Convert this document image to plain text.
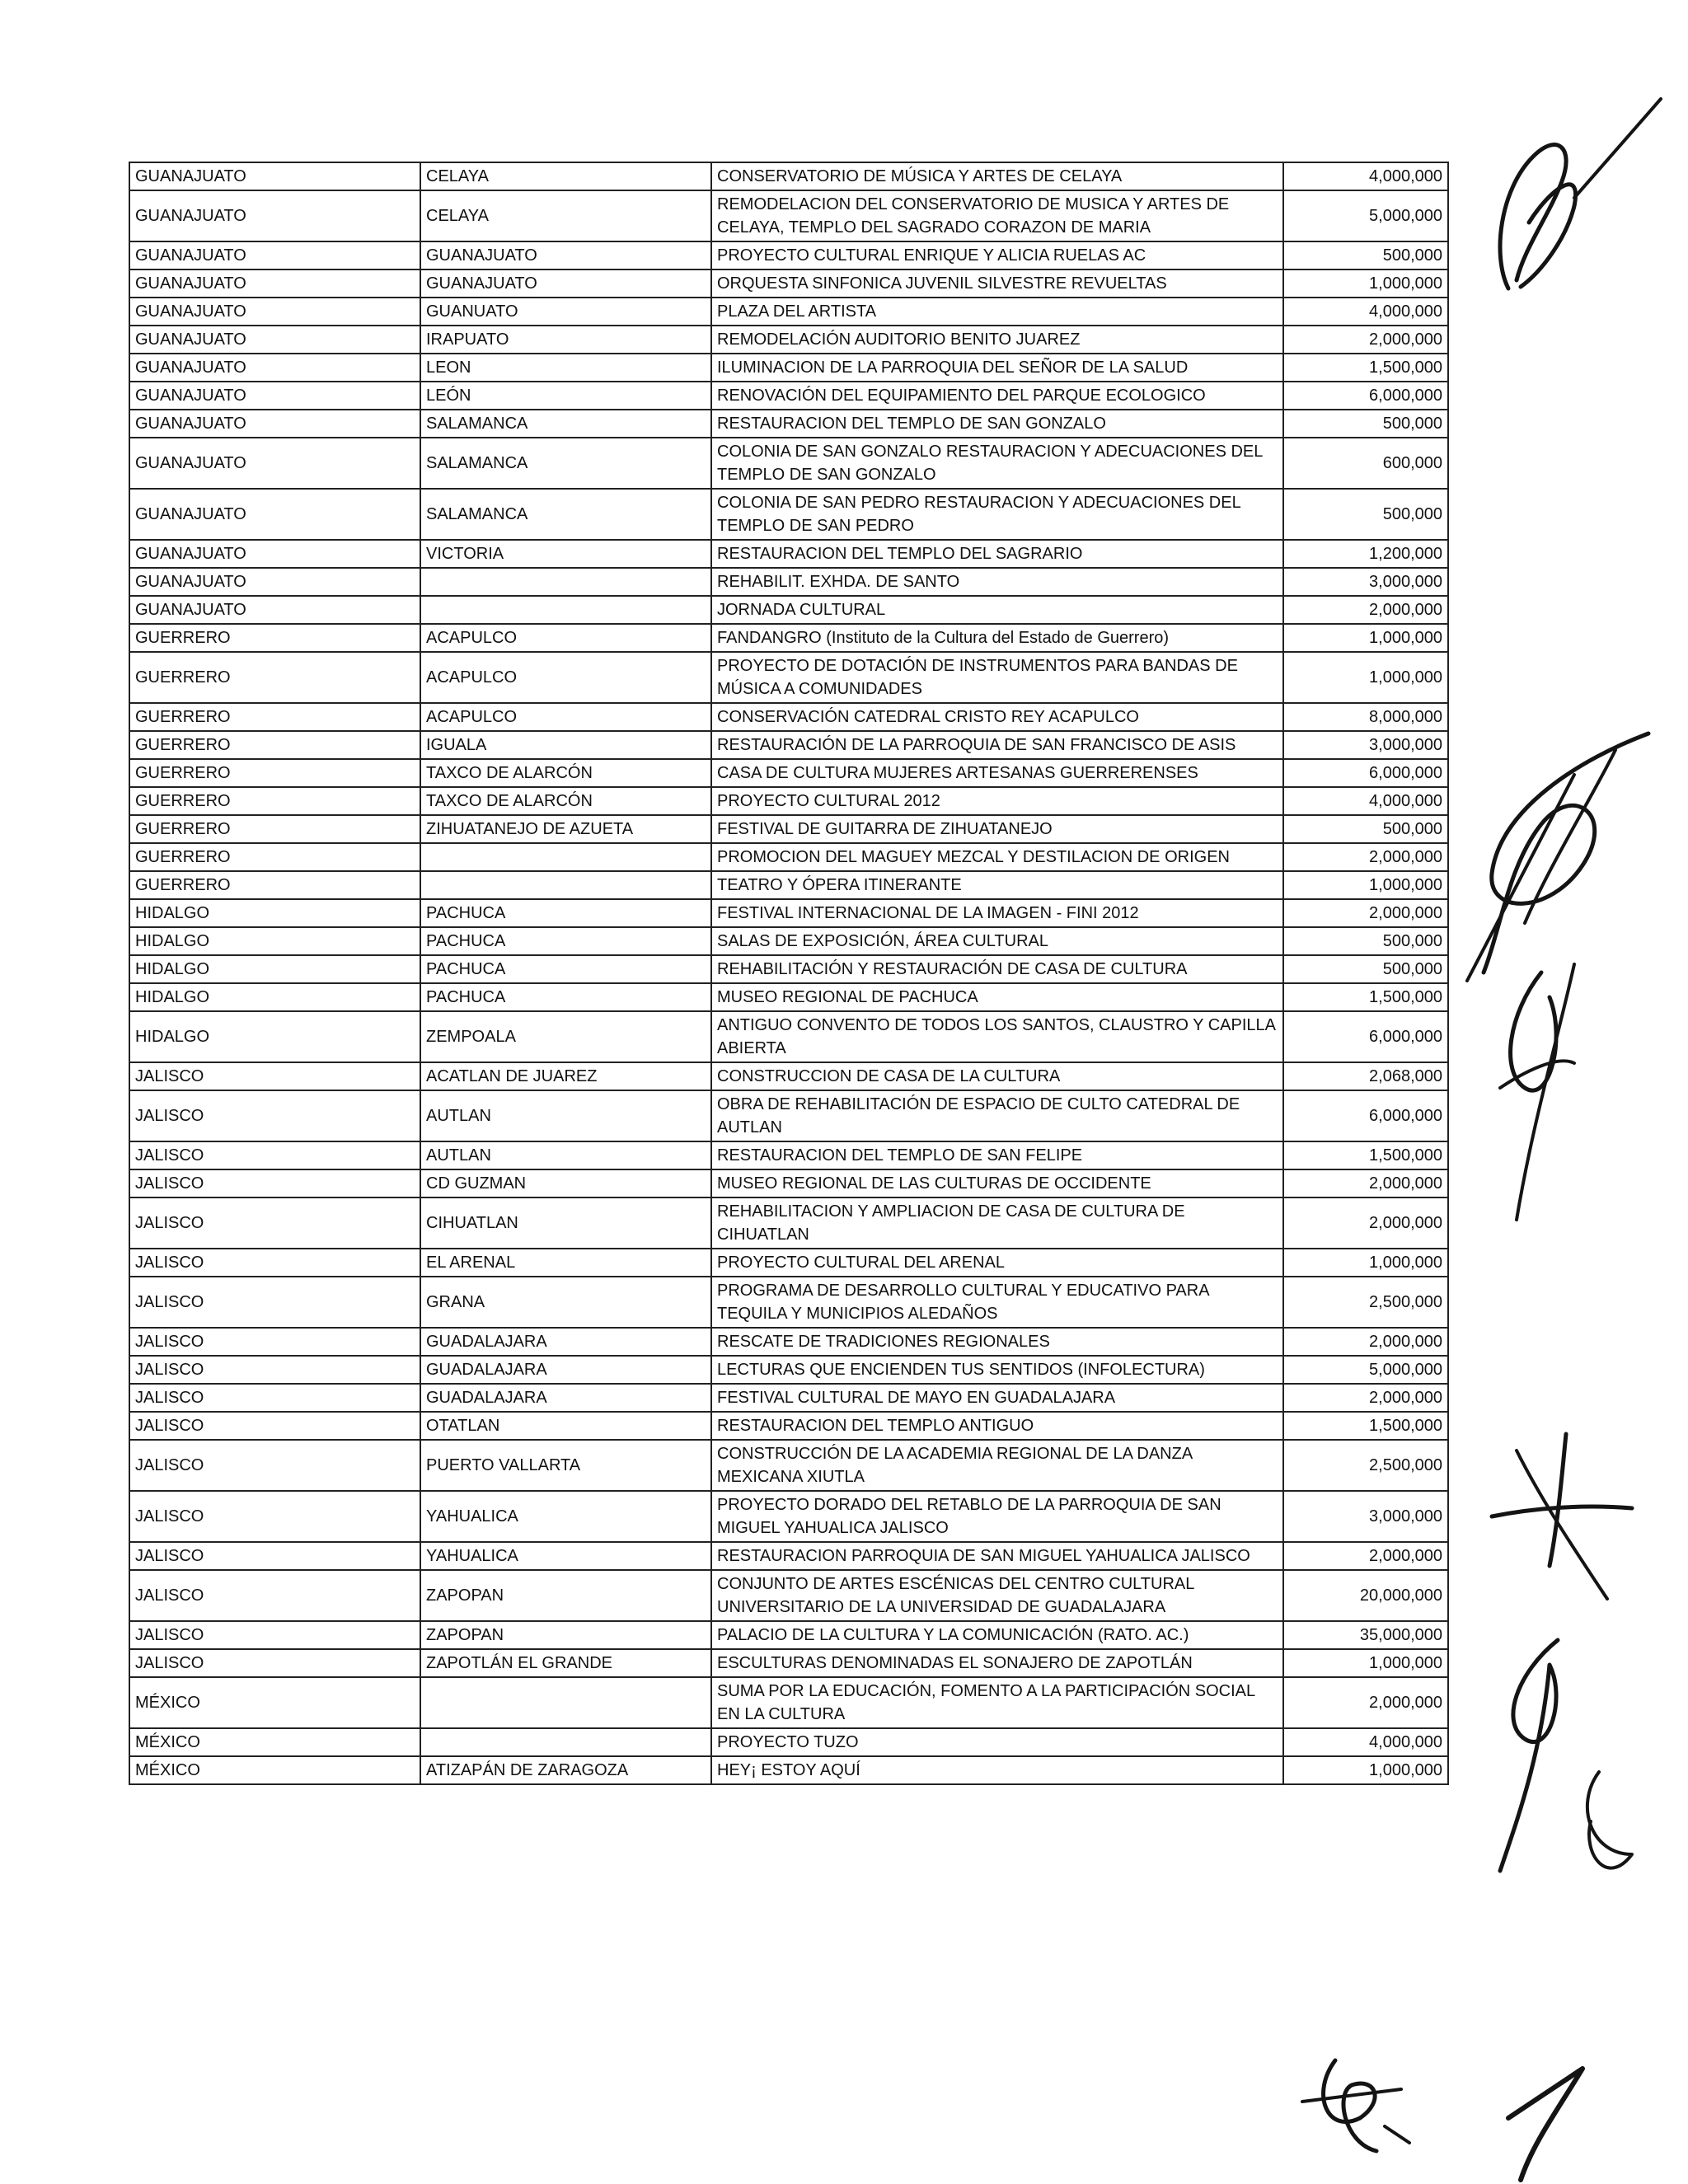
GUANAJUATO	CELAYA	CONSERVATORIO DE MÚSICA Y ARTES DE CELAYA	4,000,000
GUANAJUATO	CELAYA	REMODELACION DEL CONSERVATORIO DE MUSICA Y ARTES DE CELAYA, TEMPLO DEL SAGRADO CORAZON DE MARIA	5,000,000
GUANAJUATO	GUANAJUATO	PROYECTO CULTURAL ENRIQUE Y ALICIA RUELAS AC	500,000
GUANAJUATO	GUANAJUATO	ORQUESTA SINFONICA JUVENIL SILVESTRE REVUELTAS	1,000,000
GUANAJUATO	GUANUATO	PLAZA DEL ARTISTA	4,000,000
GUANAJUATO	IRAPUATO	REMODELACIÓN AUDITORIO BENITO JUAREZ	2,000,000
GUANAJUATO	LEON	ILUMINACION DE LA PARROQUIA DEL SEÑOR DE LA SALUD	1,500,000
GUANAJUATO	LEÓN	RENOVACIÓN DEL EQUIPAMIENTO DEL PARQUE ECOLOGICO	6,000,000
GUANAJUATO	SALAMANCA	RESTAURACION DEL TEMPLO DE SAN GONZALO	500,000
GUANAJUATO	SALAMANCA	COLONIA DE SAN GONZALO RESTAURACION Y ADECUACIONES DEL TEMPLO DE SAN GONZALO	600,000
GUANAJUATO	SALAMANCA	COLONIA DE SAN PEDRO RESTAURACION Y ADECUACIONES DEL TEMPLO DE SAN PEDRO	500,000
GUANAJUATO	VICTORIA	RESTAURACION DEL TEMPLO DEL SAGRARIO	1,200,000
GUANAJUATO		REHABILIT. EXHDA. DE SANTO	3,000,000
GUANAJUATO		JORNADA CULTURAL	2,000,000
GUERRERO	ACAPULCO	FANDANGRO (Instituto de la Cultura del Estado de Guerrero)	1,000,000
GUERRERO	ACAPULCO	PROYECTO DE DOTACIÓN DE INSTRUMENTOS PARA BANDAS DE MÚSICA A COMUNIDADES	1,000,000
GUERRERO	ACAPULCO	CONSERVACIÓN CATEDRAL CRISTO REY ACAPULCO	8,000,000
GUERRERO	IGUALA	RESTAURACIÓN DE LA PARROQUIA DE SAN FRANCISCO DE ASIS	3,000,000
GUERRERO	TAXCO DE ALARCÓN	CASA DE CULTURA MUJERES ARTESANAS GUERRERENSES	6,000,000
GUERRERO	TAXCO DE ALARCÓN	PROYECTO CULTURAL 2012	4,000,000
GUERRERO	ZIHUATANEJO DE AZUETA	FESTIVAL DE GUITARRA DE ZIHUATANEJO	500,000
GUERRERO		PROMOCION DEL MAGUEY MEZCAL Y DESTILACION DE ORIGEN	2,000,000
GUERRERO		TEATRO Y ÓPERA ITINERANTE	1,000,000
HIDALGO	PACHUCA	FESTIVAL INTERNACIONAL DE LA IMAGEN - FINI 2012	2,000,000
HIDALGO	PACHUCA	SALAS DE EXPOSICIÓN, ÁREA CULTURAL	500,000
HIDALGO	PACHUCA	REHABILITACIÓN Y RESTAURACIÓN DE CASA DE CULTURA	500,000
HIDALGO	PACHUCA	MUSEO REGIONAL DE PACHUCA	1,500,000
HIDALGO	ZEMPOALA	ANTIGUO CONVENTO DE TODOS LOS SANTOS, CLAUSTRO Y CAPILLA ABIERTA	6,000,000
JALISCO	ACATLAN DE JUAREZ	CONSTRUCCION DE CASA DE LA CULTURA	2,068,000
JALISCO	AUTLAN	OBRA DE REHABILITACIÓN DE ESPACIO DE CULTO CATEDRAL DE AUTLAN	6,000,000
JALISCO	AUTLAN	RESTAURACION DEL TEMPLO DE SAN FELIPE	1,500,000
JALISCO	CD GUZMAN	MUSEO REGIONAL DE LAS CULTURAS DE OCCIDENTE	2,000,000
JALISCO	CIHUATLAN	REHABILITACION Y AMPLIACION DE CASA DE CULTURA DE CIHUATLAN	2,000,000
JALISCO	EL ARENAL	PROYECTO CULTURAL DEL ARENAL	1,000,000
JALISCO	GRANA	PROGRAMA DE DESARROLLO CULTURAL Y EDUCATIVO PARA TEQUILA Y MUNICIPIOS ALEDAÑOS	2,500,000
JALISCO	GUADALAJARA	RESCATE DE TRADICIONES REGIONALES	2,000,000
JALISCO	GUADALAJARA	LECTURAS QUE ENCIENDEN TUS SENTIDOS (INFOLECTURA)	5,000,000
JALISCO	GUADALAJARA	FESTIVAL CULTURAL DE MAYO EN GUADALAJARA	2,000,000
JALISCO	OTATLAN	RESTAURACION DEL TEMPLO ANTIGUO	1,500,000
JALISCO	PUERTO VALLARTA	CONSTRUCCIÓN DE LA ACADEMIA REGIONAL DE LA DANZA MEXICANA XIUTLA	2,500,000
JALISCO	YAHUALICA	PROYECTO DORADO DEL RETABLO DE LA PARROQUIA DE SAN MIGUEL YAHUALICA JALISCO	3,000,000
JALISCO	YAHUALICA	RESTAURACION PARROQUIA DE SAN MIGUEL YAHUALICA JALISCO	2,000,000
JALISCO	ZAPOPAN	CONJUNTO DE ARTES ESCÉNICAS DEL CENTRO CULTURAL UNIVERSITARIO DE LA UNIVERSIDAD DE GUADALAJARA	20,000,000
JALISCO	ZAPOPAN	PALACIO DE LA CULTURA Y LA COMUNICACIÓN (RATO. AC.)	35,000,000
JALISCO	ZAPOTLÁN EL GRANDE	ESCULTURAS DENOMINADAS EL SONAJERO DE ZAPOTLÁN	1,000,000
MÉXICO		SUMA POR LA EDUCACIÓN, FOMENTO A LA PARTICIPACIÓN SOCIAL EN LA CULTURA	2,000,000
MÉXICO		PROYECTO TUZO	4,000,000
MÉXICO	ATIZAPÁN DE ZARAGOZA	HEY¡ ESTOY AQUÍ	1,000,000
